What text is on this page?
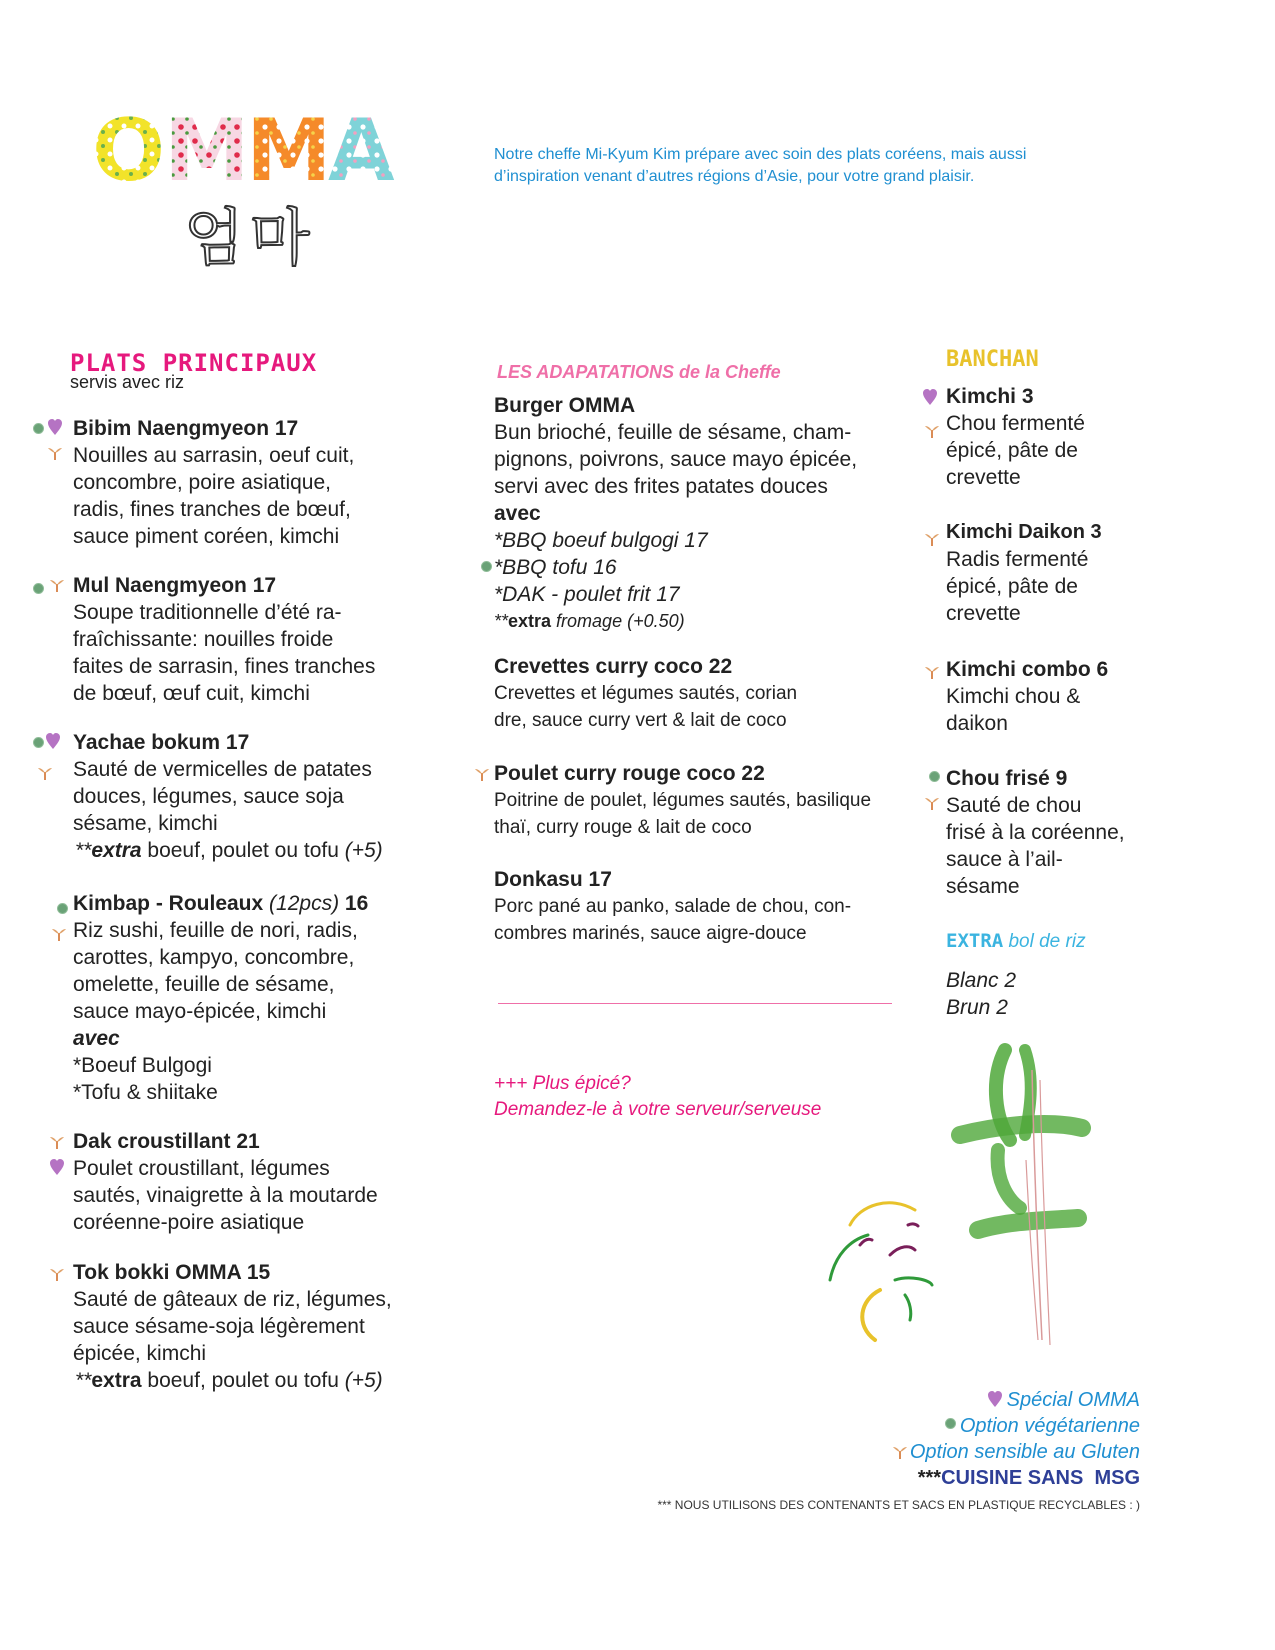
O
M
M
A
엄마
Notre cheffe Mi-Kyum Kim prépare avec soin des plats coréens, mais aussi d’inspiration venant d’autres régions d’Asie, pour votre grand plaisir.
PLATS PRINCIPAUX
servis avec riz

Bibim Naengmyeon 17

Nouilles au sarrasin, oeuf cuit,

concombre, poire asiatique,

radis, fines tranches de bœuf,

sauce piment coréen, kimchi

Mul Naengmyeon 17

Soupe traditionnelle d’été ra-

fraîchissante: nouilles froide

faites de sarrasin, fines tranches

de bœuf, œuf cuit, kimchi

Yachae bokum 17

Sauté de vermicelles de patates

douces, légumes, sauce soja

sésame, kimchi

**extra boeuf, poulet ou tofu (+5)

Kimbap - Rouleaux (12pcs) 16

Riz sushi, feuille de nori, radis,

carottes, kampyo, concombre,

omelette, feuille de sésame,

sauce mayo-épicée, kimchi

avec

*Boeuf Bulgogi

*Tofu & shiitake

Dak croustillant 21

Poulet croustillant, légumes

sautés, vinaigrette à la moutarde

coréenne-poire asiatique

Tok bokki OMMA 15

Sauté de gâteaux de riz, légumes,

sauce sésame-soja légèrement

épicée, kimchi

**extra boeuf, poulet ou tofu (+5)

LES ADAPATATIONS de la Cheffe

Burger OMMA

Bun brioché, feuille de sésame, cham-

pignons, poivrons, sauce mayo épicée,

servi avec des frites patates douces

avec

*BBQ boeuf bulgogi 17

*BBQ tofu 16

*DAK - poulet frit 17

**extra fromage (+0.50)

Crevettes curry coco 22

Crevettes et légumes sautés, corian

dre, sauce curry vert & lait de coco

Poulet curry rouge coco 22

Poitrine de poulet, légumes sautés, basilique

thaï, curry rouge & lait de coco

Donkasu 17

Porc pané au panko, salade de chou, con-

combres marinés, sauce aigre-douce

+++ Plus épicé?
Demandez-le à votre serveur/serveuse
BANCHAN

Kimchi 3

Chou fermenté

épicé, pâte de

crevette

Kimchi Daikon 3

Radis fermenté

épicé, pâte de

crevette

Kimchi combo 6

Kimchi chou &

daikon

Chou frisé 9

Sauté de chou

frisé à la coréenne,

sauce à l’ail-

sésame

EXTRA bol de riz

Blanc 2

Brun 2

Spécial OMMA
Option végétarienne
Option sensible au Gluten
***CUISINE SANS  MSG
*** NOUS UTILISONS DES CONTENANTS ET SACS EN PLASTIQUE RECYCLABLES : )
